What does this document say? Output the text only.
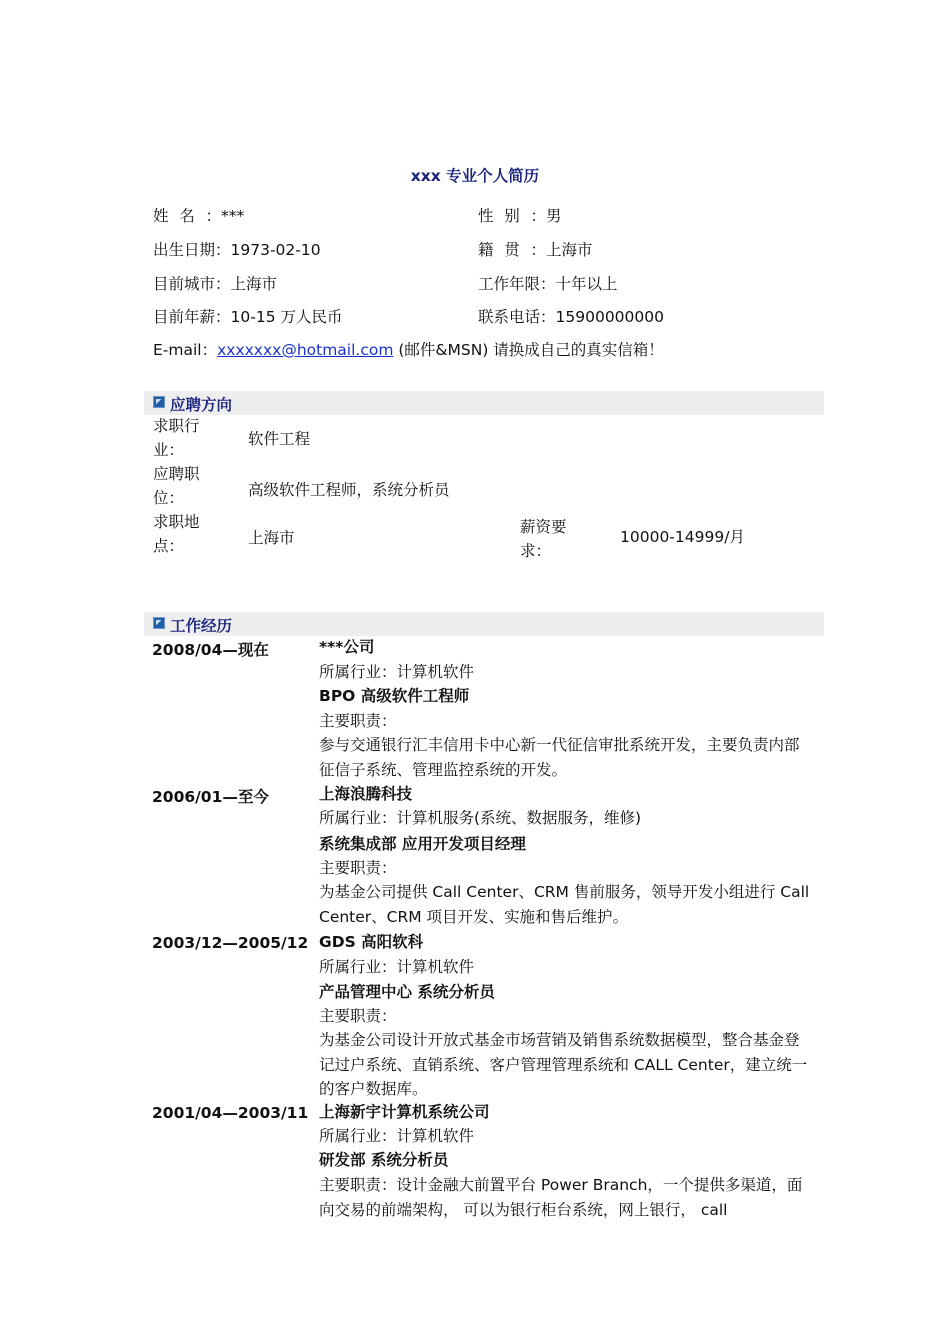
xxx 专业个人简历
姓名：***	性别：男
出生日期：1973-02-10	籍贯：上海市
目前城市：上海市	工作年限：十年以上
目前年薪：10-15 万人民币	联系电话：15900000000
E-mail：xxxxxxx@hotmail.com (邮件&MSN) 请换成自己的真实信箱！
应聘方向
求职行业：
软件工程
应聘职位：	高级软件工程师，系统分析员
求职地点：	上海市
薪资要求：
10000-14999/月
工作经历
2008/04—现在	***公司
所属行业：计算机软件
BPO 高级软件工程师
主要职责：
参与交通银行汇丰信用卡中心新一代征信审批系统开发，主要负责内部征信子系统、管理监控系统的开发。
2006/01—至今	上海浪腾科技
所属行业：计算机服务(系统、数据服务，维修)
系统集成部 应用开发项目经理
主要职责：
为基金公司提供 Call Center、CRM 售前服务，领导开发小组进行 Call Center、CRM 项目开发、实施和售后维护。
2003/12—2005/12 GDS 高阳软科
所属行业：计算机软件
产品管理中心 系统分析员
主要职责：
为基金公司设计开放式基金市场营销及销售系统数据模型，整合基金登记过户系统、直销系统、客户管理管理系统和 CALL Center，建立统一的客户数据库。
2001/04—2003/11 上海新宇计算机系统公司
所属行业：计算机软件
研发部 系统分析员
主要职责：设计金融大前置平台 Power Branch，一个提供多渠道，面向交易的前端架构， 可以为银行柜台系统，网上银行， call
